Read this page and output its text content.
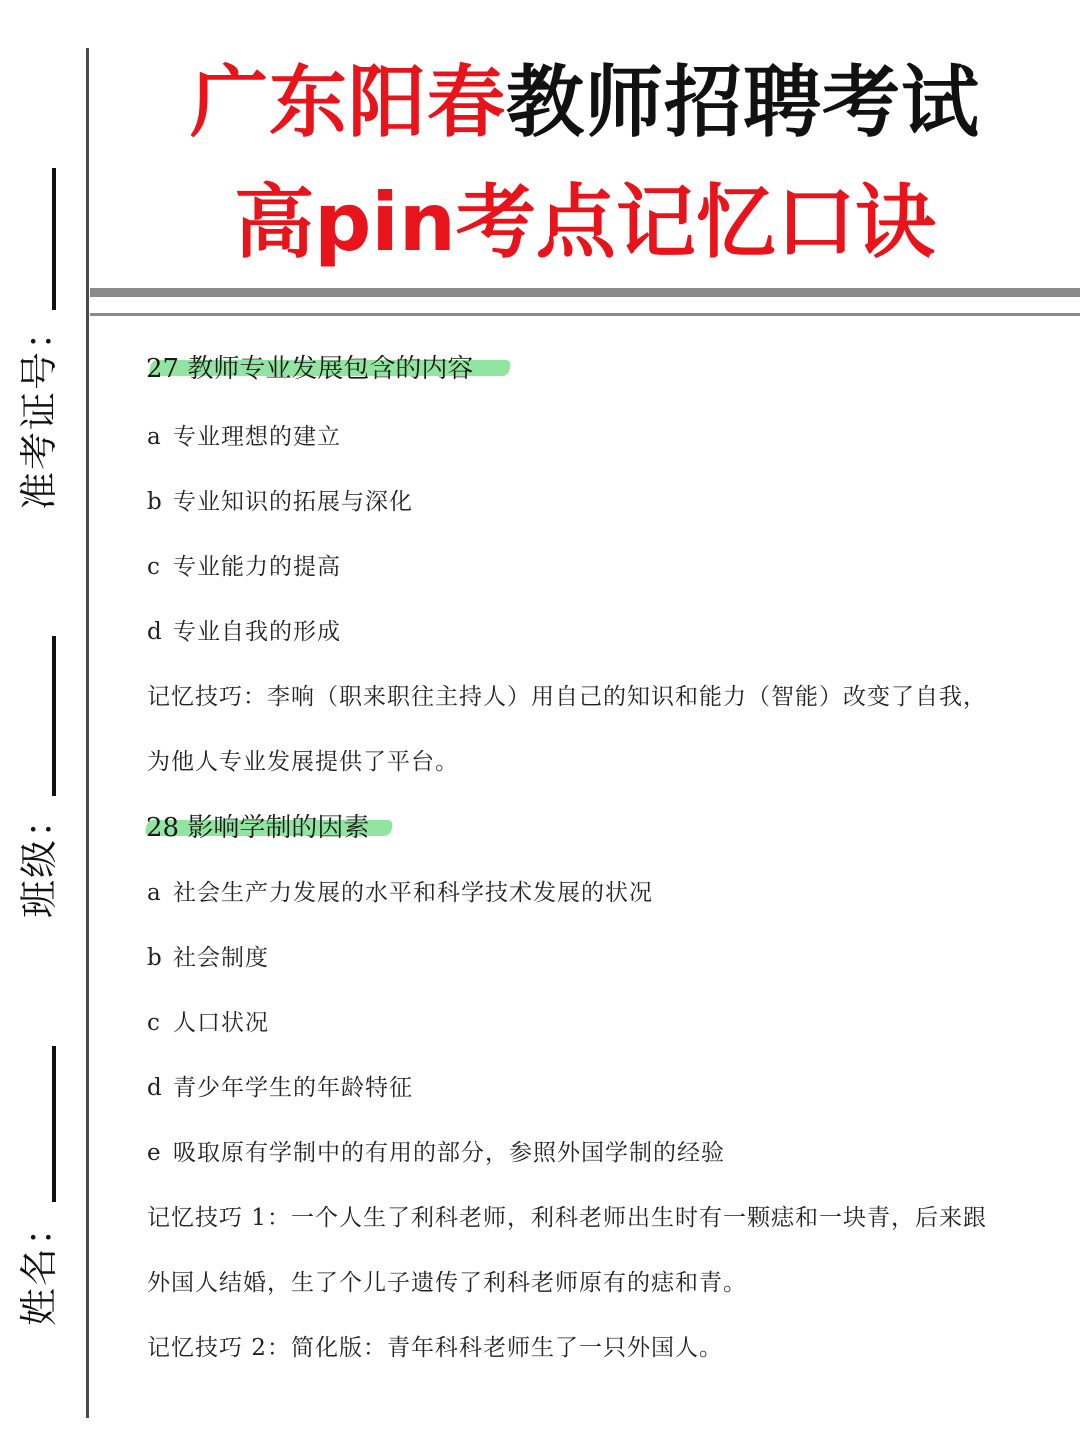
准考证号：
班级：
姓名：
广东阳春教师招聘考试
高pin考点记忆口诀
27 教师专业发展包含的内容
a 专业理想的建立
b 专业知识的拓展与深化
c 专业能力的提高
d 专业自我的形成
记忆技巧：李响（职来职往主持人）用自己的知识和能力（智能）改变了自我，
为他人专业发展提供了平台。
28 影响学制的因素
a 社会生产力发展的水平和科学技术发展的状况
b 社会制度
c 人口状况
d 青少年学生的年龄特征
e 吸取原有学制中的有用的部分，参照外国学制的经验
记忆技巧 1：一个人生了利科老师，利科老师出生时有一颗痣和一块青，后来跟
外国人结婚，生了个儿子遗传了利科老师原有的痣和青。
记忆技巧 2：简化版：青年科科老师生了一只外国人。
